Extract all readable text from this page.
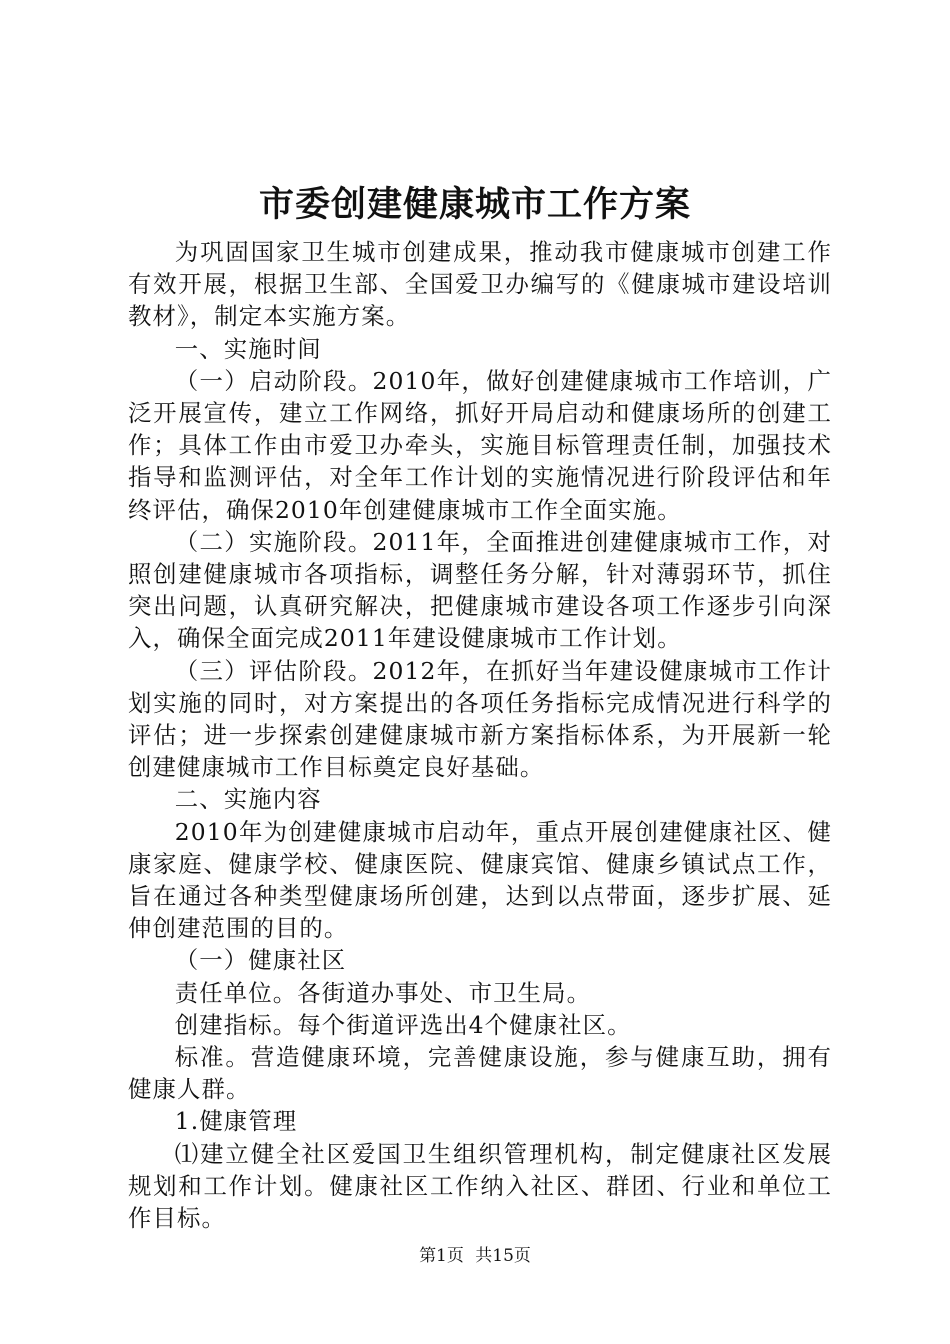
市委创建健康城市工作方案

为巩固国家卫生城市创建成果，推动我市健康城市创建工作有效开展，根据卫生部、全国爱卫办编写的《健康城市建设培训教材》，制定本实施方案。

一、实施时间

（一）启动阶段。2010年，做好创建健康城市工作培训，广泛开展宣传，建立工作网络，抓好开局启动和健康场所的创建工作；具体工作由市爱卫办牵头，实施目标管理责任制，加强技术指导和监测评估，对全年工作计划的实施情况进行阶段评估和年终评估，确保2010年创建健康城市工作全面实施。

（二）实施阶段。2011年，全面推进创建健康城市工作，对照创建健康城市各项指标，调整任务分解，针对薄弱环节，抓住突出问题，认真研究解决，把健康城市建设各项工作逐步引向深入，确保全面完成2011年建设健康城市工作计划。

（三）评估阶段。2012年，在抓好当年建设健康城市工作计划实施的同时，对方案提出的各项任务指标完成情况进行科学的评估；进一步探索创建健康城市新方案指标体系，为开展新一轮创建健康城市工作目标奠定良好基础。

二、实施内容

2010年为创建健康城市启动年，重点开展创建健康社区、健康家庭、健康学校、健康医院、健康宾馆、健康乡镇试点工作，旨在通过各种类型健康场所创建，达到以点带面，逐步扩展、延伸创建范围的目的。

（一）健康社区

责任单位。各街道办事处、市卫生局。

创建指标。每个街道评选出4个健康社区。

标准。营造健康环境，完善健康设施，参与健康互助，拥有健康人群。

1.健康管理

⑴建立健全社区爱国卫生组织管理机构，制定健康社区发展规划和工作计划。健康社区工作纳入社区、群团、行业和单位工作目标。

第1页 共15页
